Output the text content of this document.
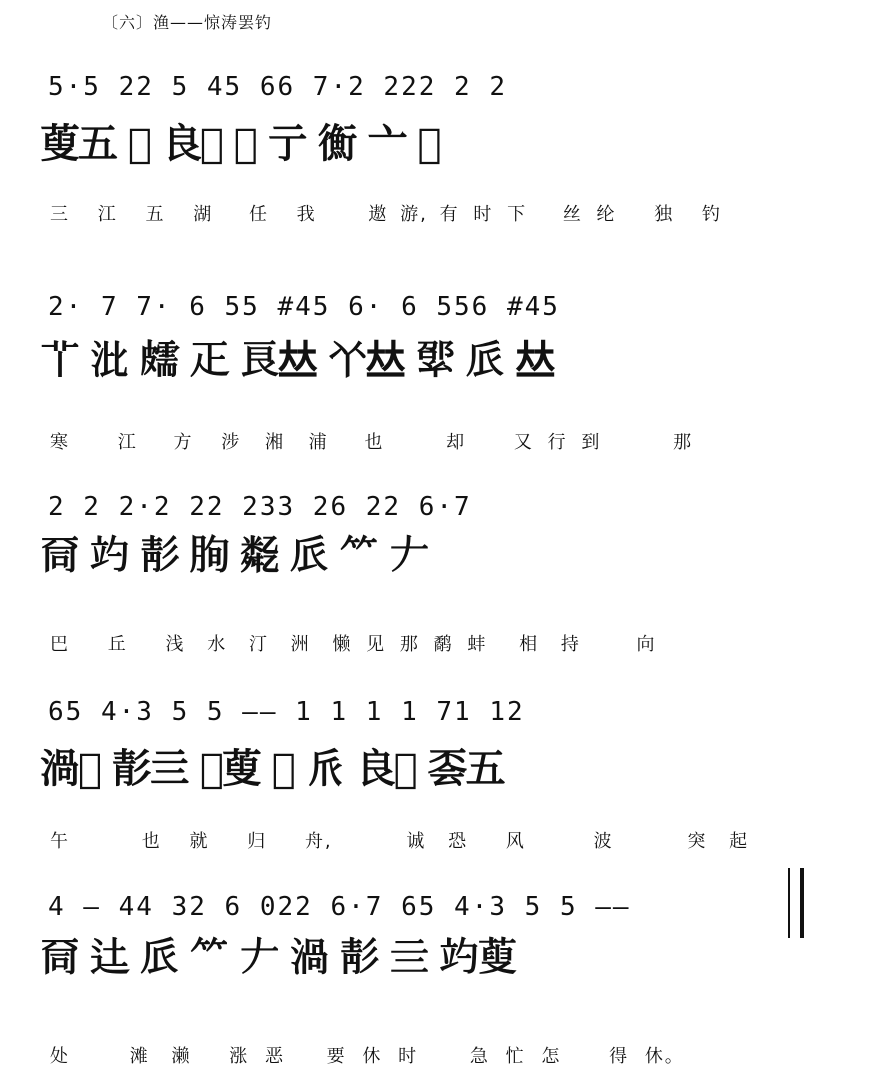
〔六〕渔——惊涛罢钓
5·5 22 5 45 66 7·2 222 2 2
蓃五 𪛉 良𠀤 𨑒 亍 𢖍 亠 𨑒
三 江 五 湖 任 我	遨 游, 有 时 下 丝 纶 独 钓
2· 7 7· 6 55 #45 6· 6 556 #45
𦫳 沘 𥀭 𤴓 良𠀤 𠁥𠀤 𢇊 𠂢 𠀤
寒	江 方 涉 湘 浦 也	却	又 行 到	那
2 2 2·2 22 233 26 22 6·7
𠀹 𥩘 𩇕 𦚧 𠄈 𠂢 𥫗 𠂇
巴 丘 浅 水 汀 洲 懒 见 那 鹬 蚌 相 持	向
65 4·3 5 5 —— 1 1 1 1 71 12
渦𣳘 𩇕亖 𥩘蓃 𨑒 𠂢 良𠀤 𠀾五
午	也 就 归 舟,	诚 恐 风	波	突 起
4 — 44 32 6 022 6·7 65 4·3 5 5 ——
𠀹 𨑒 𠂢 𥫗 𠂇 渦 𩇕 亖 𥩘蓃
处	滩 濑 涨 恶 要 休 时	急 忙 怎	得 休。
